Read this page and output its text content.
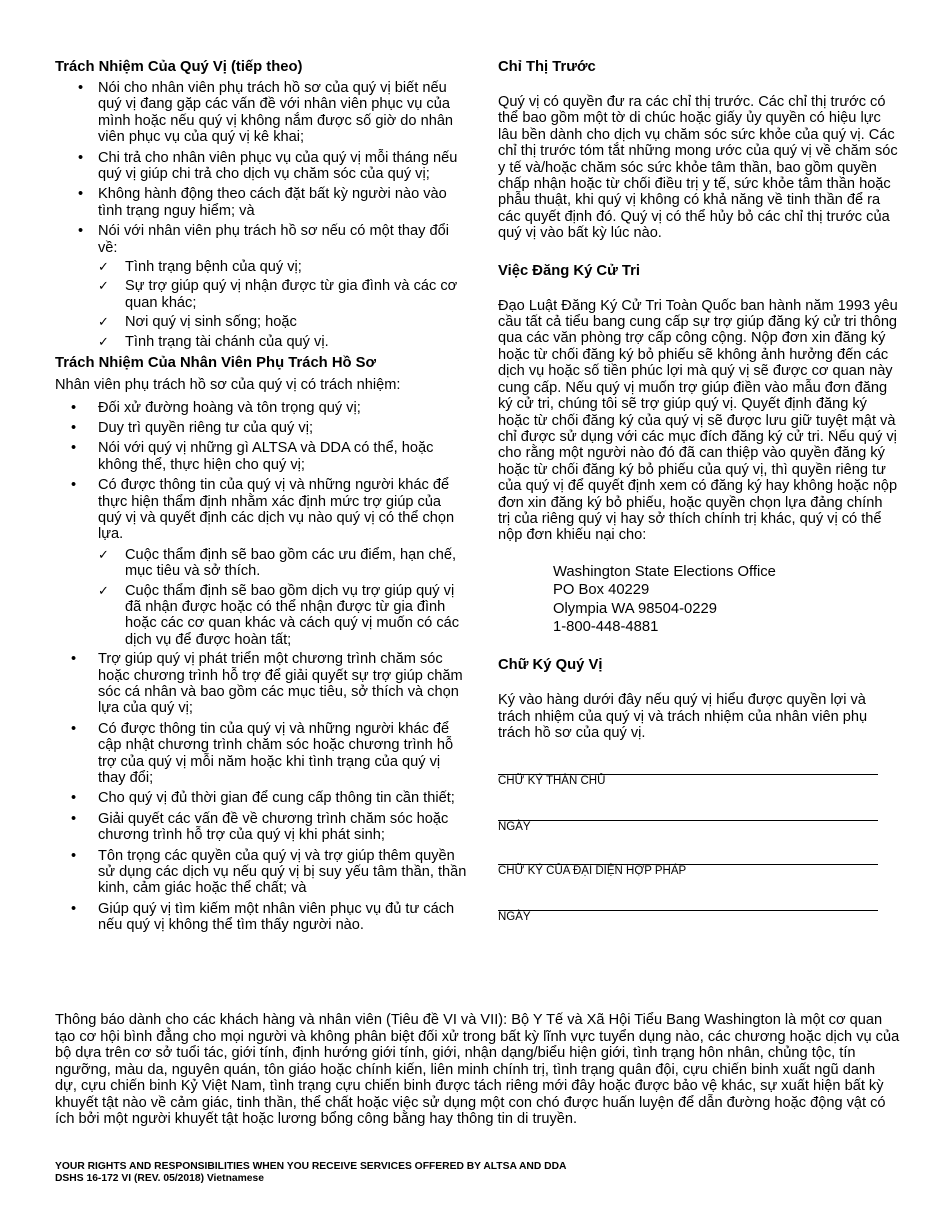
Trách Nhiệm Của Quý Vị (tiếp theo)
• Nói cho nhân viên phụ trách hồ sơ của quý vị biết nếu quý vị đang gặp các vấn đề với nhân viên phục vụ của mình hoặc nếu quý vị không nắm được số giờ do nhân viên phục vụ của quý vị kê khai;
• Chi trả cho nhân viên phục vụ của quý vị mỗi tháng nếu quý vị giúp chi trả cho dịch vụ chăm sóc của quý vị;
• Không hành động theo cách đặt bất kỳ người nào vào tình trạng nguy hiểm; và
• Nói với nhân viên phụ trách hồ sơ nếu có một thay đổi về:
✓ Tình trạng bệnh của quý vị;
✓ Sự trợ giúp quý vị nhận được từ gia đình và các cơ quan khác;
✓ Nơi quý vị sinh sống; hoặc
✓ Tình trạng tài chánh của quý vị.
Trách Nhiệm Của Nhân Viên Phụ Trách Hồ Sơ

Nhân viên phụ trách hồ sơ của quý vị có trách nhiệm:

• Đối xử đường hoàng và tôn trọng quý vị;
• Duy trì quyền riêng tư của quý vị;
• Nói với quý vị những gì ALTSA và DDA có thể, hoặc không thể, thực hiện cho quý vị;
• Có được thông tin của quý vị và những người khác để thực hiện thẩm định nhằm xác định mức trợ giúp của quý vị và quyết định các dịch vụ nào quý vị có thể chọn lựa.
✓ Cuộc thẩm định sẽ bao gồm các ưu điểm, hạn chế, mục tiêu và sở thích.
✓ Cuộc thẩm định sẽ bao gồm dịch vụ trợ giúp quý vị đã nhận được hoặc có thể nhận được từ gia đình hoặc các cơ quan khác và cách quý vị muốn có các dịch vụ để được hoàn tất;
• Trợ giúp quý vị phát triển một chương trình chăm sóc hoặc chương trình hỗ trợ để giải quyết sự trợ giúp chăm sóc cá nhân và bao gồm các mục tiêu, sở thích và chọn lựa của quý vị;
• Có được thông tin của quý vị và những người khác để cập nhật chương trình chăm sóc hoặc chương trình hỗ trợ của quý vị mỗi năm hoặc khi tình trạng của quý vị thay đổi;
• Cho quý vị đủ thời gian để cung cấp thông tin cần thiết;
• Giải quyết các vấn đề về chương trình chăm sóc hoặc chương trình hỗ trợ của quý vị khi phát sinh;
• Tôn trọng các quyền của quý vị và trợ giúp thêm quyền sử dụng các dịch vụ nếu quý vị bị suy yếu tâm thần, thần kinh, cảm giác hoặc thể chất; và
• Giúp quý vị tìm kiếm một nhân viên phục vụ đủ tư cách nếu quý vị không thể tìm thấy người nào.
Chỉ Thị Trước

Quý vị có quyền đư ra các chỉ thị trước. Các chỉ thị trước có thể bao gồm một tờ di chúc hoặc giấy ủy quyền có hiệu lực lâu bền dành cho dịch vụ chăm sóc sức khỏe của quý vị. Các chỉ thị trước tóm tắt những mong ước của quý vị về chăm sóc y tế và/hoặc chăm sóc sức khỏe tâm thần, bao gồm quyền chấp nhận hoặc từ chối điều trị y tế, sức khỏe tâm thần hoặc phẫu thuật, khi quý vị không có khả năng về tinh thần để ra các quyết định đó. Quý vị có thể hủy bỏ các chỉ thị trước của quý vị vào bất kỳ lúc nào.

Việc Đăng Ký Cử Tri

Đạo Luật Đăng Ký Cử Tri Toàn Quốc ban hành năm 1993 yêu cầu tất cả tiểu bang cung cấp sự trợ giúp đăng ký cử tri thông qua các văn phòng trợ cấp công cộng. Nộp đơn xin đăng ký hoặc từ chối đăng ký bỏ phiếu sẽ không ảnh hưởng đến các dịch vụ hoặc số tiền phúc lợi mà quý vị sẽ được cơ quan này cung cấp. Nếu quý vị muốn trợ giúp điền vào mẫu đơn đăng ký cử tri, chúng tôi sẽ trợ giúp quý vị. Quyết định đăng ký hoặc từ chối đăng ký của quý vị sẽ được lưu giữ tuyệt mật và chỉ được sử dụng với các mục đích đăng ký cử tri. Nếu quý vị cho rằng một người nào đó đã can thiệp vào quyền đăng ký hoặc từ chối đăng ký bỏ phiếu của quý vị, thì quyền riêng tư của quý vị để quyết định xem có đăng ký hay không hoặc nộp đơn xin đăng ký bỏ phiếu, hoặc quyền chọn lựa đảng chính trị của riêng quý vị hay sở thích chính trị khác, quý vị có thể nộp đơn khiếu nại cho:

Washington State Elections Office
PO Box 40229
Olympia WA 98504-0229
1-800-448-4881
Chữ Ký Quý Vị

Ký vào hàng dưới đây nếu quý vị hiểu được quyền lợi và trách nhiệm của quý vị và trách nhiệm của nhân viên phụ trách hồ sơ của quý vị.

CHỮ KÝ THÂN CHỦ
NGÀY
CHỮ KÝ CỦA ĐẠI DIỆN HỢP PHÁP
NGÀY

Thông báo dành cho các khách hàng và nhân viên (Tiêu đề VI và VII): Bộ Y Tế và Xã Hội Tiểu Bang Washington là một cơ quan tạo cơ hội bình đẳng cho mọi người và không phân biệt đối xử trong bất kỳ lĩnh vực tuyển dụng nào, các chương hoặc dịch vụ của bộ dựa trên cơ sở tuổi tác, giới tính, định hướng giới tính, giới, nhận dạng/biểu hiện giới, tình trạng hôn nhân, chủng tộc, tín ngưỡng, màu da, nguyên quán, tôn giáo hoặc chính kiến, liên minh chính trị, tình trạng quân đội, cựu chiến binh xuất ngũ danh dự, cựu chiến binh Kỷ Việt Nam, tình trạng cựu chiến binh được tách riêng mới đây hoặc được bảo vệ khác, sự xuất hiện bất kỳ khuyết tật nào về cảm giác, tinh thần, thể chất hoặc việc sử dụng một con chó được huấn luyện để dẫn đường hoặc động vật có ích bởi một người khuyết tật hoặc lương bổng công bằng hay thông tin di truyền.

YOUR RIGHTS AND RESPONSIBILITIES WHEN YOU RECEIVE SERVICES OFFERED BY ALTSA AND DDA
DSHS 16-172 VI (REV. 05/2018) Vietnamese
